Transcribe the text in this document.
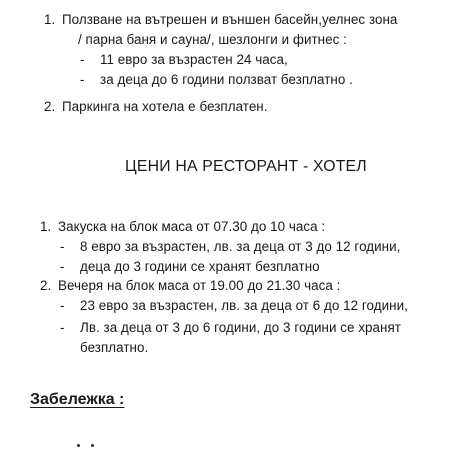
1. Ползване на вътрешен и външен басейн,уелнес зона
/ парна баня и сауна/, шезлонги и фитнес :
- 11 евро за възрастен 24 часа,
- за деца до 6 години ползват безплатно .
2. Паркинга на хотела е безплатен.
ЦЕНИ НА РЕСТОРАНТ - ХОТЕЛ
1. Закуска на блок маса от 07.30 до 10 часа :
- 8 евро за възрастен, лв. за деца от 3 до 12 години,
- деца до 3 години се хранят безплатно
2. Вечеря на блок маса от 19.00 до 21.30 часа :
- 23 евро за възрастен, лв. за деца от 6 до 12 години,
- Лв. за деца от 3 до 6 години, до 3 години се хранят
безплатно.
Забележка :
